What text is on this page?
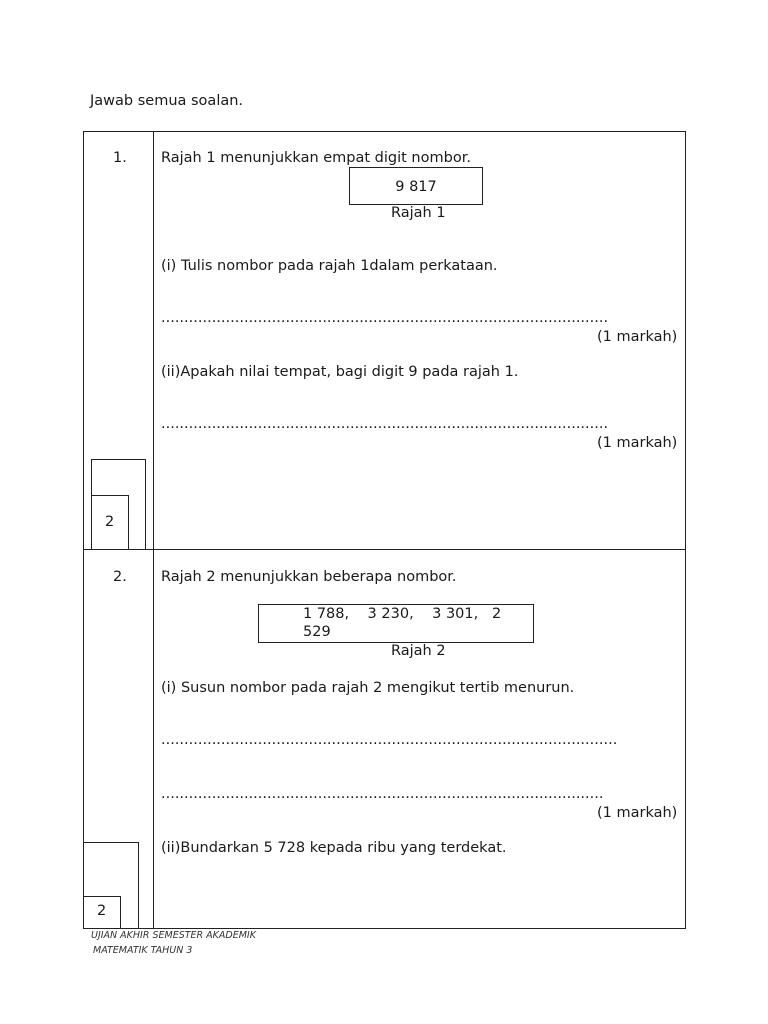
Jawab semua soalan.
1. Rajah 1 menunjukkan empat digit nombor.
9 817
Rajah 1
(i) Tulis nombor pada rajah 1dalam perkataan.
.................................................................................................
(1 markah)
(ii)Apakah nilai tempat, bagi digit 9 pada rajah 1.
.................................................................................................
(1 markah)
2
2. Rajah 2 menunjukkan beberapa nombor.
1 788,    3 230,    3 301,   2
529
Rajah 2
(i) Susun nombor pada rajah 2 mengikut tertib menurun.
...................................................................................................
................................................................................................
(1 markah)
(ii)Bundarkan 5 728 kepada ribu yang terdekat.
2
UJIAN AKHIR SEMESTER AKADEMIK
MATEMATIK TAHUN 3
